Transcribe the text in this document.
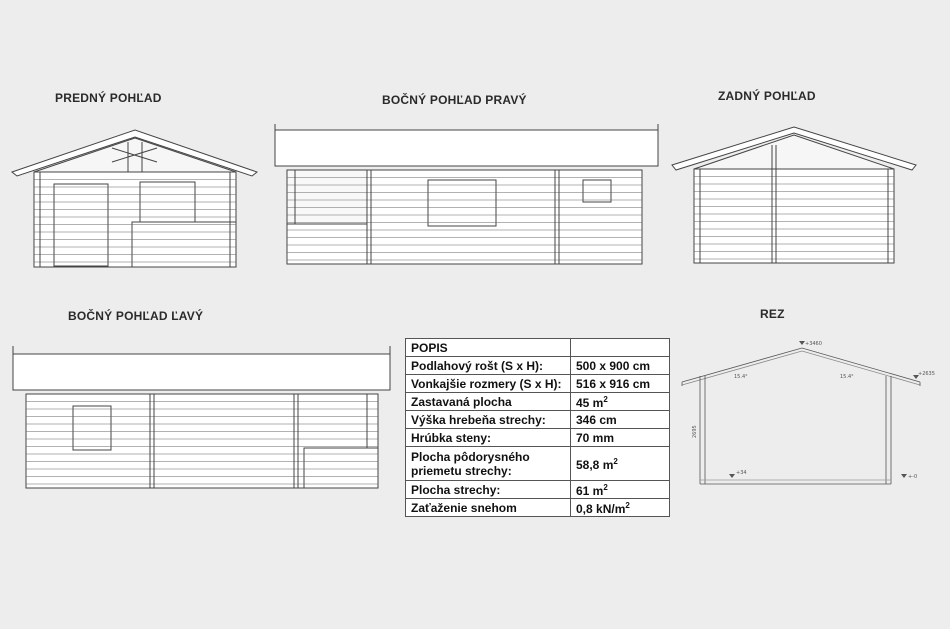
PREDNÝ POHĽAD	BOČNÝ POHĽAD PRAVÝ	ZADNÝ POHĽAD
BOČNÝ POHĽAD ĽAVÝ	REZ
POPIS	
Podlahový rošt (S x H):	500 x 900 cm
Vonkajšie rozmery (S x H):	516 x 916 cm
Zastavaná plocha	45 $m^2$
Výška hrebeňa strechy:	346 cm
Hrúbka steny:	70 mm
Plocha pôdorysného
priemetu strechy:	58,8 $m^2$
Plocha strechy:	61 $m^2$
Zaťaženie snehom	0,8 $kN/m^2$
+3460
+2635
15.4°	15.4°
2695
+34
+-0
